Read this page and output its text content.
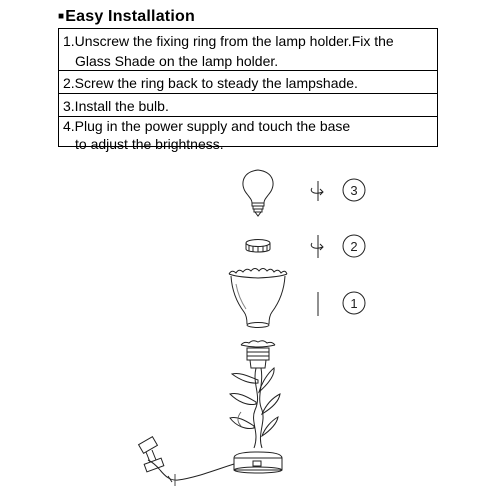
■Easy Installation
1.Unscrew the fixing ring from the lamp holder.Fix the
Glass Shade on the lamp holder.
2.Screw the ring back to steady the lampshade.
3.Install the bulb.
4.Plug in the power supply and touch the base
to adjust the brightness.
3
2
1
